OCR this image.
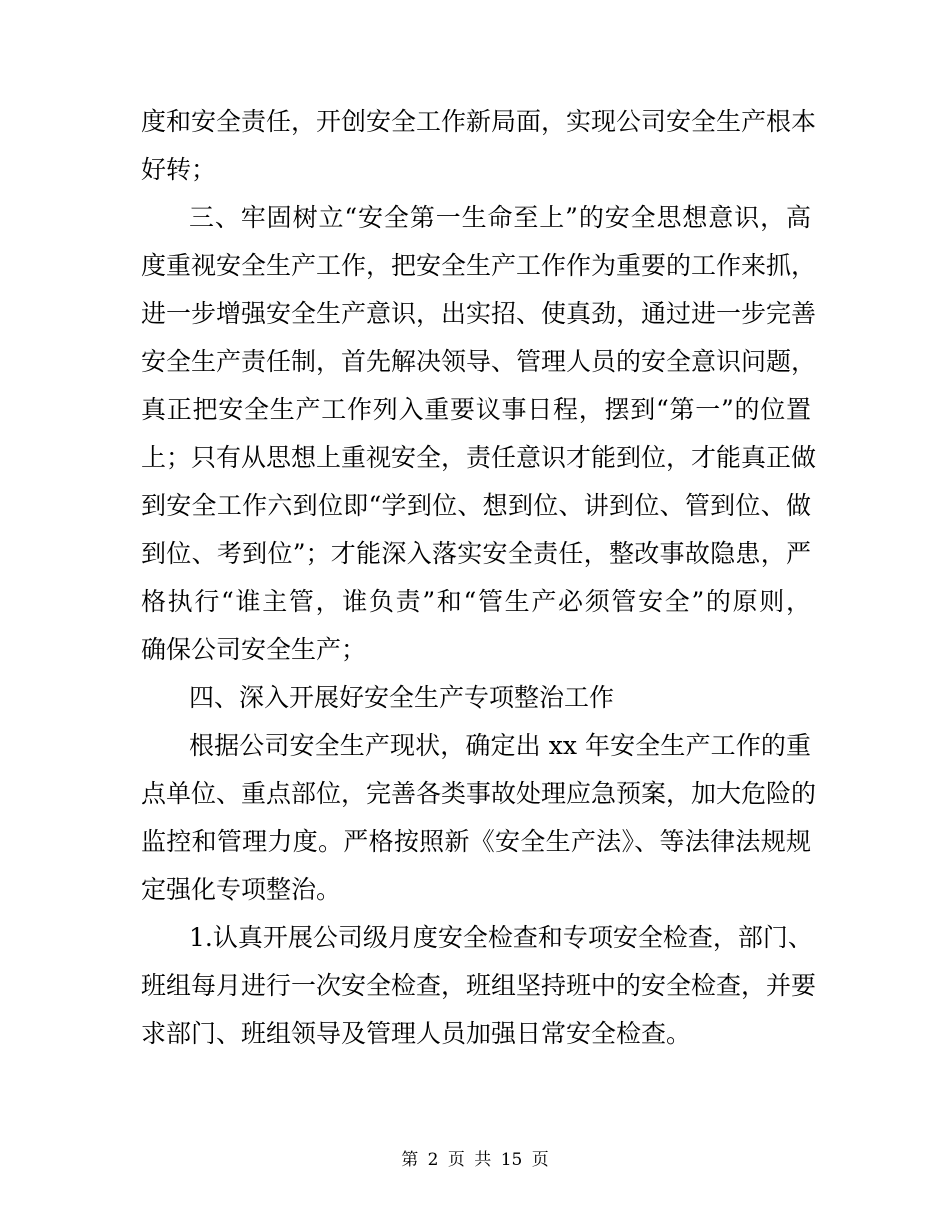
度和安全责任，开创安全工作新局面，实现公司安全生产根本
好转；
三、牢固树立“安全第一生命至上”的安全思想意识，高
度重视安全生产工作，把安全生产工作作为重要的工作来抓，
进一步增强安全生产意识，出实招、使真劲，通过进一步完善
安全生产责任制，首先解决领导、管理人员的安全意识问题，
真正把安全生产工作列入重要议事日程，摆到“第一”的位置
上；只有从思想上重视安全，责任意识才能到位，才能真正做
到安全工作六到位即“学到位、想到位、讲到位、管到位、做
到位、考到位”；才能深入落实安全责任，整改事故隐患，严
格执行“谁主管，谁负责”和“管生产必须管安全”的原则，
确保公司安全生产；
四、深入开展好安全生产专项整治工作
根据公司安全生产现状，确定出 xx 年安全生产工作的重
点单位、重点部位，完善各类事故处理应急预案，加大危险的
监控和管理力度。严格按照新《安全生产法》、等法律法规规
定强化专项整治。
1.认真开展公司级月度安全检查和专项安全检查，部门、
班组每月进行一次安全检查，班组坚持班中的安全检查，并要
求部门、班组领导及管理人员加强日常安全检查。
第 2 页 共 15 页
